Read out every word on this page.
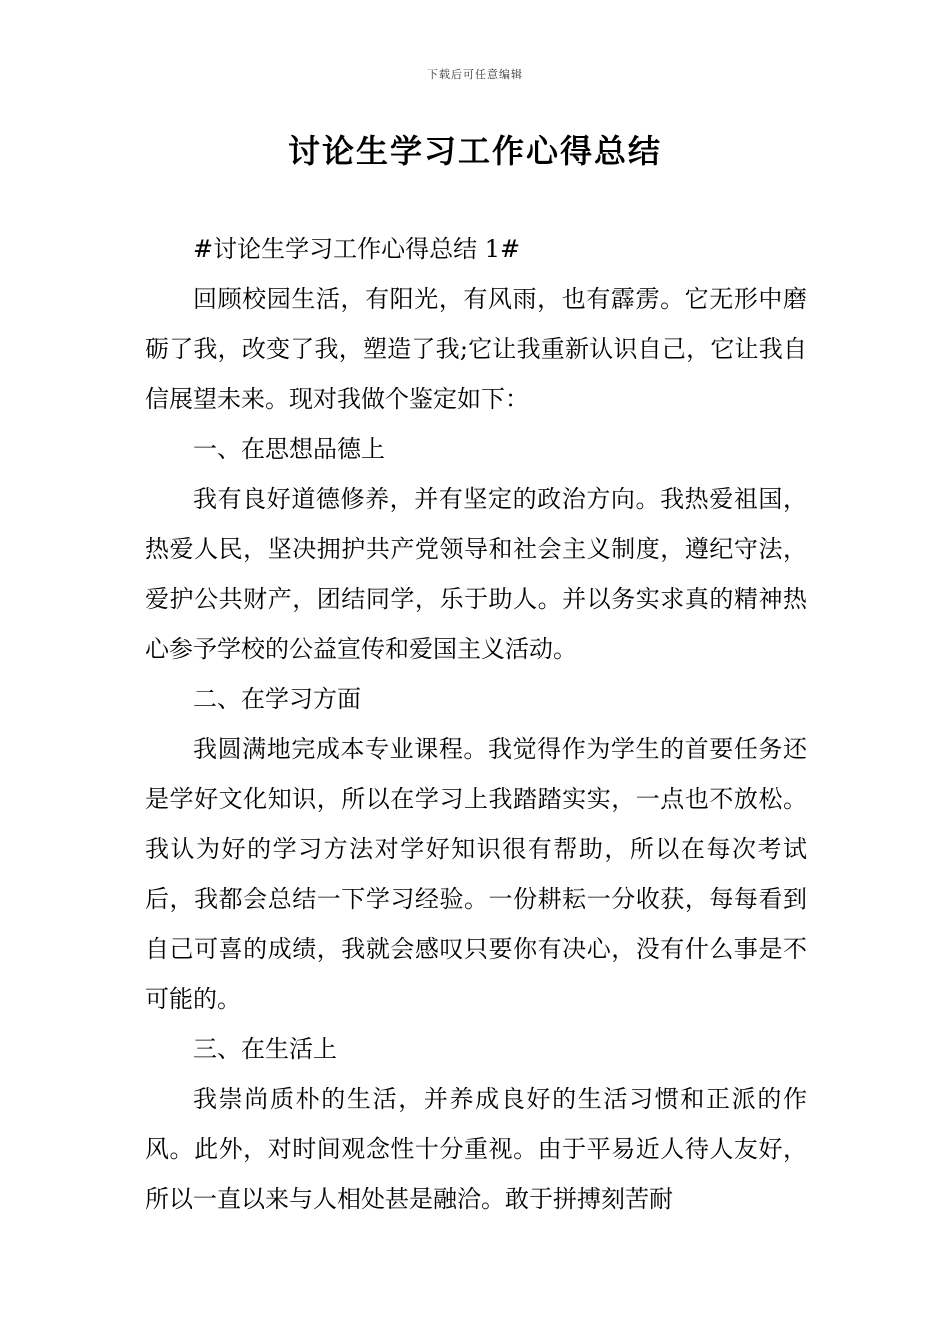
下载后可任意编辑
讨论生学习工作心得总结

#讨论生学习工作心得总结 1#

回顾校园生活，有阳光，有风雨，也有霹雳。它无形中磨砺了我，改变了我，塑造了我;它让我重新认识自己，它让我自信展望未来。现对我做个鉴定如下：

一、在思想品德上

我有良好道德修养，并有坚定的政治方向。我热爱祖国，热爱人民，坚决拥护共产党领导和社会主义制度，遵纪守法，爱护公共财产，团结同学，乐于助人。并以务实求真的精神热心参予学校的公益宣传和爱国主义活动。

二、在学习方面

我圆满地完成本专业课程。我觉得作为学生的首要任务还是学好文化知识，所以在学习上我踏踏实实，一点也不放松。我认为好的学习方法对学好知识很有帮助，所以在每次考试后，我都会总结一下学习经验。一份耕耘一分收获，每每看到自己可喜的成绩，我就会感叹只要你有决心，没有什么事是不可能的。

三、在生活上

我崇尚质朴的生活，并养成良好的生活习惯和正派的作风。此外，对时间观念性十分重视。由于平易近人待人友好，所以一直以来与人相处甚是融洽。敢于拼搏刻苦耐
